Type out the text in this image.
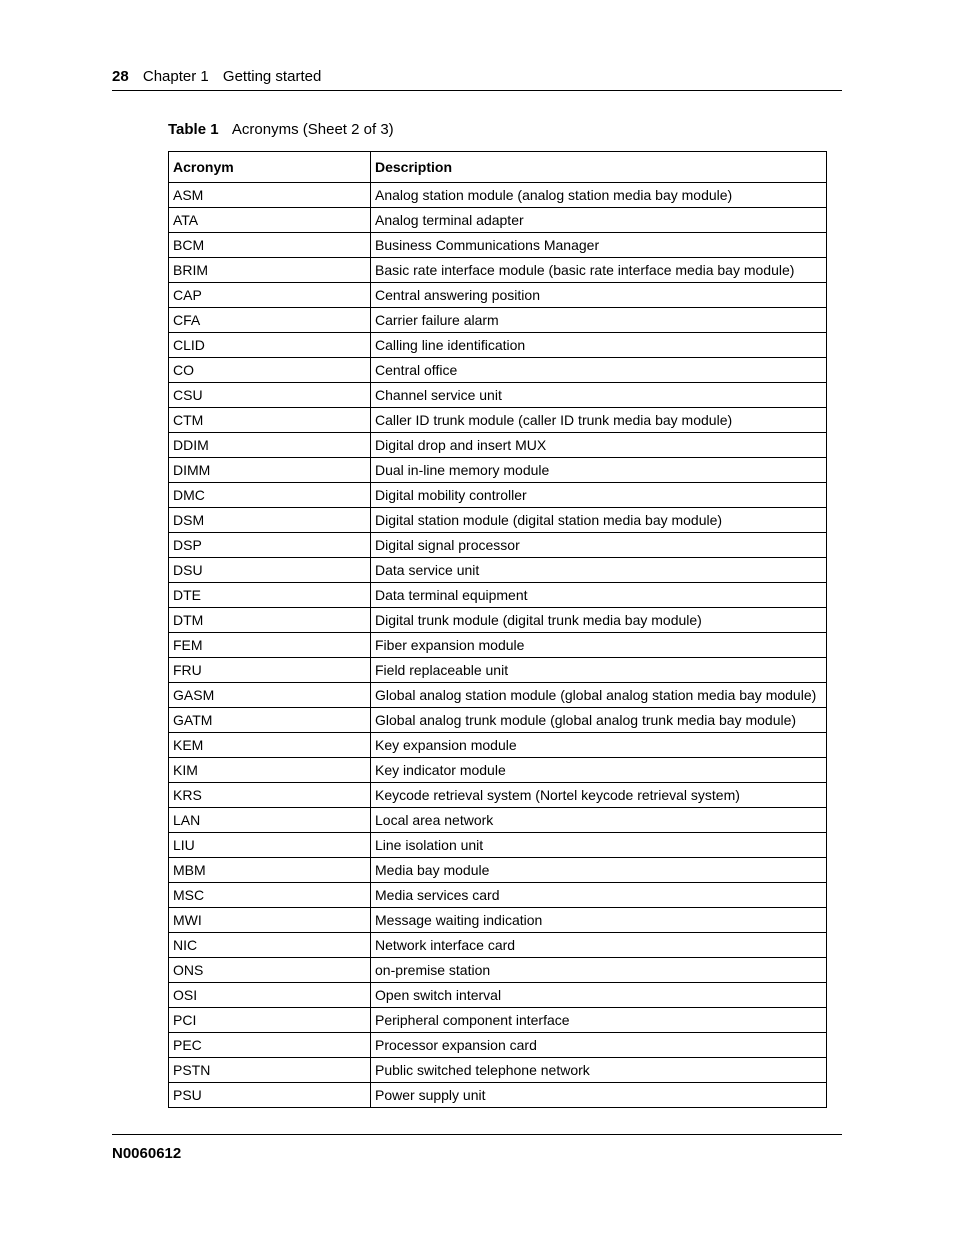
28 Chapter 1 Getting started
Table 1 Acronyms (Sheet 2 of 3)
Acronym	Description
ASM	Analog station module (analog station media bay module)
ATA	Analog terminal adapter
BCM	Business Communications Manager
BRIM	Basic rate interface module (basic rate interface media bay module)
CAP	Central answering position
CFA	Carrier failure alarm
CLID	Calling line identification
CO	Central office
CSU	Channel service unit
CTM	Caller ID trunk module (caller ID trunk media bay module)
DDIM	Digital drop and insert MUX
DIMM	Dual in-line memory module
DMC	Digital mobility controller
DSM	Digital station module (digital station media bay module)
DSP	Digital signal processor
DSU	Data service unit
DTE	Data terminal equipment
DTM	Digital trunk module (digital trunk media bay module)
FEM	Fiber expansion module
FRU	Field replaceable unit
GASM	Global analog station module (global analog station media bay module)
GATM	Global analog trunk module (global analog trunk media bay module)
KEM	Key expansion module
KIM	Key indicator module
KRS	Keycode retrieval system (Nortel keycode retrieval system)
LAN	Local area network
LIU	Line isolation unit
MBM	Media bay module
MSC	Media services card
MWI	Message waiting indication
NIC	Network interface card
ONS	on-premise station
OSI	Open switch interval
PCI	Peripheral component interface
PEC	Processor expansion card
PSTN	Public switched telephone network
PSU	Power supply unit
N0060612
